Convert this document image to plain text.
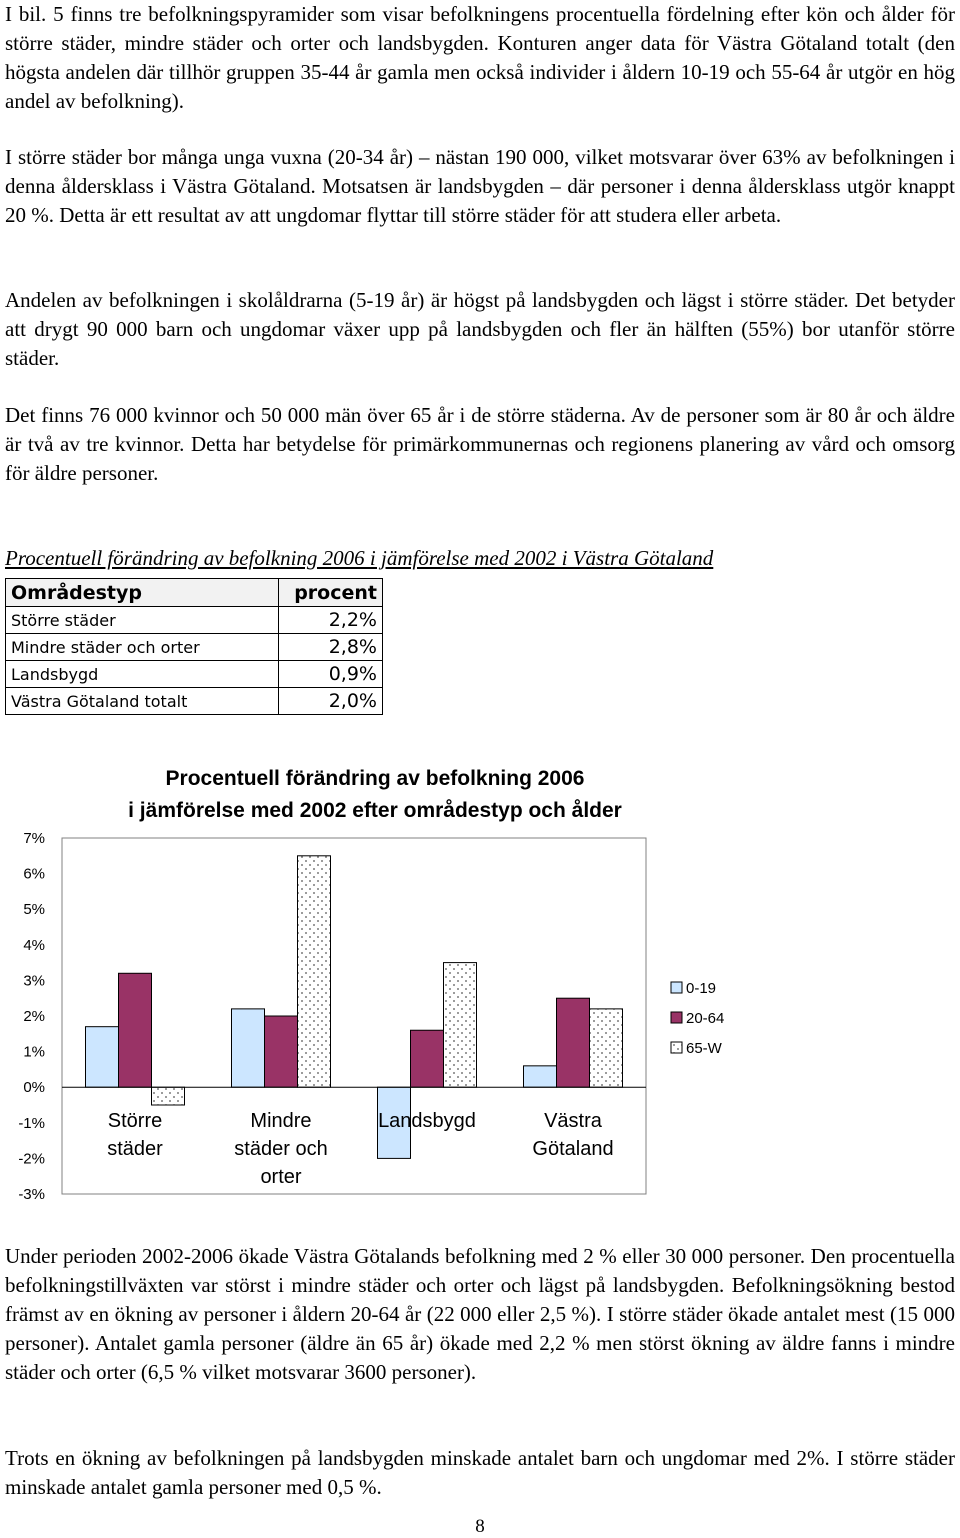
I bil. 5 finns tre befolkningspyramider som visar befolkningens procentuella fördelning efter kön och ålder för större städer, mindre städer och orter och landsbygden. Konturen anger data för Västra Götaland totalt (den högsta andelen där tillhör gruppen 35-44 år gamla men också individer i åldern 10-19 och 55-64 år utgör en hög andel av befolkning).

I större städer bor många unga vuxna (20-34 år) – nästan 190 000, vilket motsvarar över 63% av befolkningen i denna åldersklass i Västra Götaland. Motsatsen är landsbygden – där personer i denna åldersklass utgör knappt 20 %. Detta är ett resultat av att ungdomar flyttar till större städer för att studera eller arbeta.

Andelen av befolkningen i skolåldrarna (5-19 år) är högst på landsbygden och lägst i större städer. Det betyder att drygt 90 000 barn och ungdomar växer upp på landsbygden och fler än hälften (55%) bor utanför större städer.

Det finns 76 000 kvinnor och 50 000 män över 65 år i de större städerna. Av de personer som är 80 år och äldre är två av tre kvinnor. Detta har betydelse för primärkommunernas och regionens planering av vård och omsorg för äldre personer.

Procentuell förändring av befolkning 2006 i jämförelse med 2002 i Västra Götaland
Områdestyp	procent
Större städer	2,2%
Mindre städer och orter	2,8%
Landsbygd	0,9%
Västra Götaland totalt	2,0%
Procentuell förändring av befolkning 2006
i jämförelse med 2002 efter områdestyp och ålder
-3%
-2%
-1%
0%
1%
2%
3%
4%
5%
6%
7%
Större
städer
Mindre
städer och
orter
Landsbygd	Västra
Götaland
0-19
20-64
65-W

Under perioden 2002-2006 ökade Västra Götalands befolkning med 2 % eller 30 000 personer. Den procentuella befolkningstillväxten var störst i mindre städer och orter och lägst på landsbygden. Befolkningsökning bestod främst av en ökning av personer i åldern 20-64 år (22 000 eller 2,5 %). I större städer ökade antalet mest (15 000 personer). Antalet gamla personer (äldre än 65 år) ökade med 2,2 % men störst ökning av äldre fanns i mindre städer och orter (6,5 % vilket motsvarar 3600 personer).

Trots en ökning av befolkningen på landsbygden minskade antalet barn och ungdomar med 2%. I större städer minskade antalet gamla personer med 0,5 %.

8
